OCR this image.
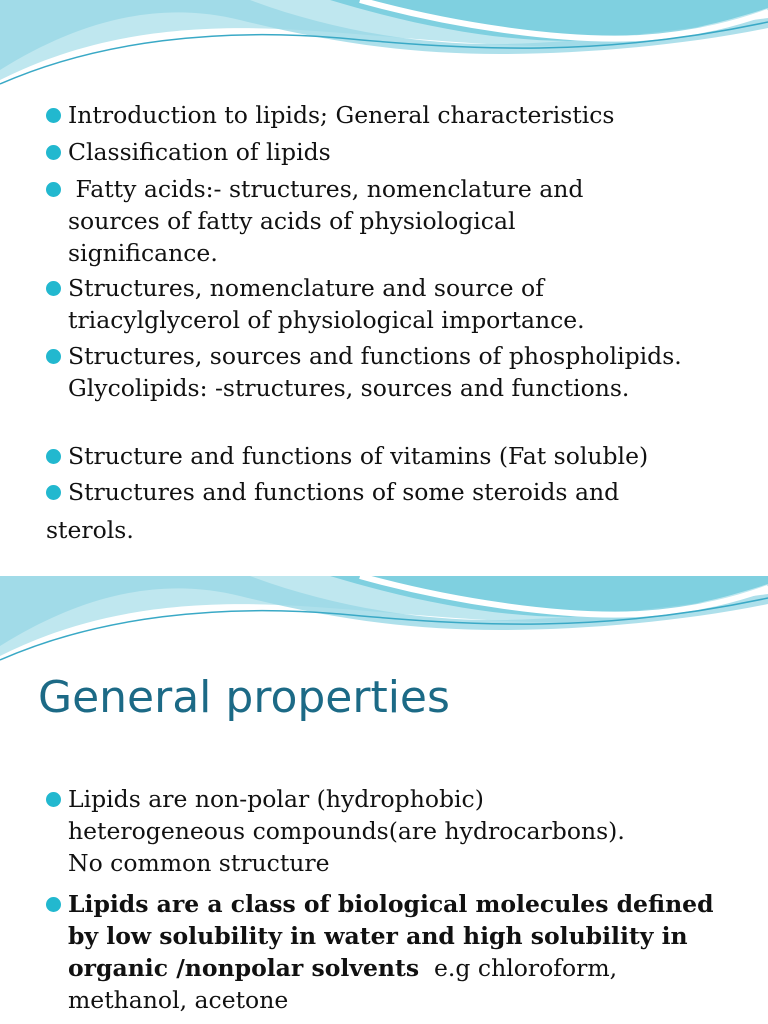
Introduction to lipids; General characteristics
Classification of lipids
Fatty acids:- structures, nomenclature and sources of fatty acids of physiological significance.
Structures, nomenclature and source of triacylglycerol of physiological importance.
Structures, sources and functions of phospholipids. Glycolipids: -structures, sources and functions.
Structure and functions of vitamins (Fat soluble)
Structures and functions of some steroids and
sterols.
General properties
Lipids are non-polar (hydrophobic) heterogeneous compounds(are hydrocarbons). No common structure
Lipids are a class of biological molecules defined by low solubility in water and high solubility in organic /nonpolar solvents  e.g chloroform, methanol, acetone
